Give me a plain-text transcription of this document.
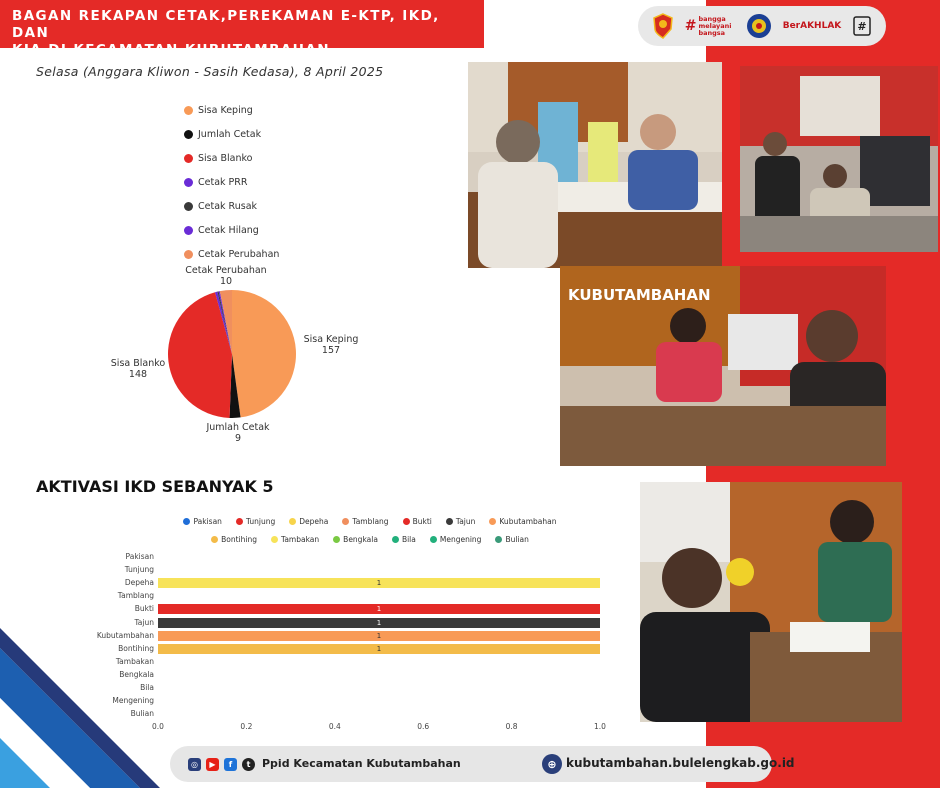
BAGAN REKAPAN CETAK,PEREKAMAN E-KTP, IKD, DAN
KIA DI KECAMATAN KUBUTAMBAHAN
# bangga melayani bangsa
BerAKHLAK #
Selasa (Anggara Kliwon - Sasih Kedasa), 8 April 2025
Sisa Keping
Jumlah Cetak
Sisa Blanko
Cetak PRR
Cetak Rusak
Cetak Hilang
Cetak Perubahan
Cetak Perubahan
10
Sisa Keping
157
Sisa Blanko
148
Jumlah Cetak
9
KUBUTAMBAHAN
AKTIVASI IKD SEBANYAK 5
Pakisan	Tunjung	Depeha	Tamblang	Bukti	Tajun	Kubutambahan
Bontihing	Tambakan	Bengkala	Bila	Mengening	Bulian
Pakisan
Tunjung
Depeha	1
Tamblang
Bukti	1
Tajun	1
Kubutambahan	1
Bontihing	1
Tambakan
Bengkala
Bila
Mengening
Bulian
0.0	0.2	0.4	0.6	0.8	1.0
◎	▶	f	t	Ppid Kecamatan Kubutambahan	⊕ kubutambahan.bulelengkab.go.id
